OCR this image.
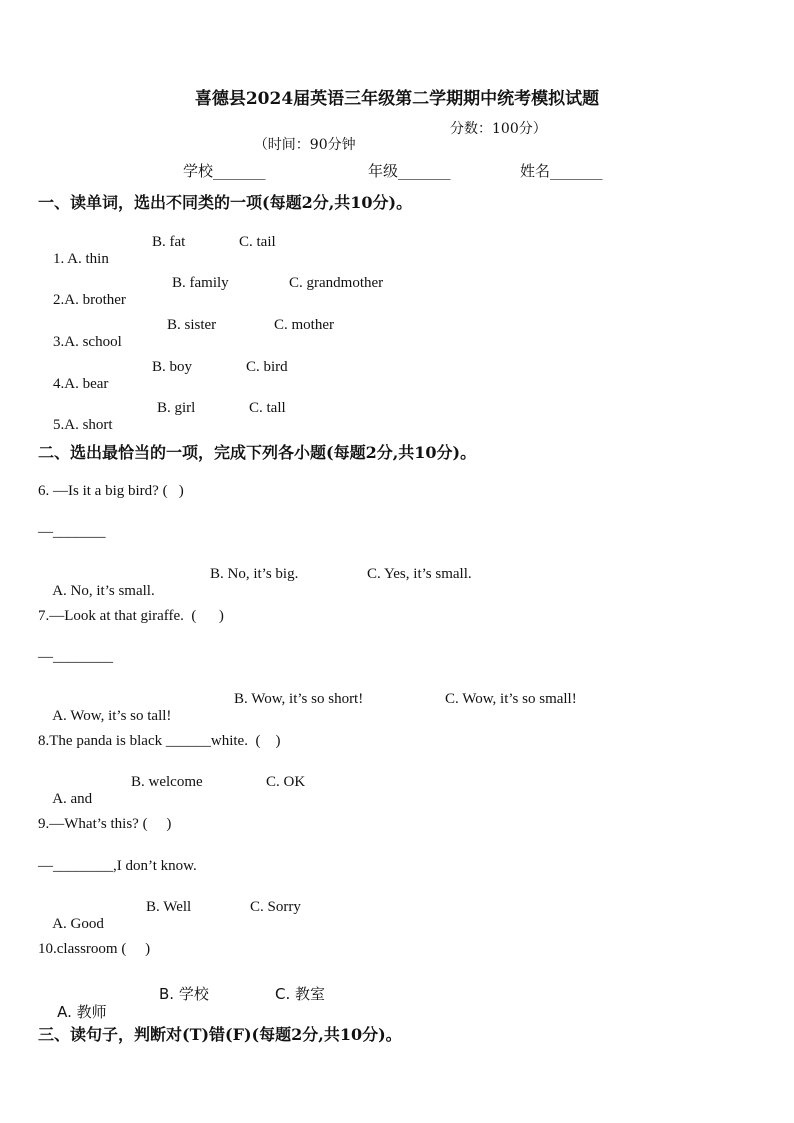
喜德县2024届英语三年级第二学期期中统考模拟试题

（时间：90分钟

分数：100分）

学校_______	年级_______	姓名_______
一、读单词，选出不同类的一项(每题2分,共10分)。

1. A. thin

B. fat

	C. tail

2.A. brother

B. family

	C. grandmother

3.A. school

B. sister

	C. mother

4.A. bear

B. boy

	C. bird

5.A. short

B. girl

	C. tall

二、选出最恰当的一项，完成下列各小题(每题2分,共10分)。
6. —Is it a big bird? (   )
—_______

A. No, it’s small.

B. No, it’s big.

	C. Yes, it’s small.

7.—Look at that giraffe.  (      )
—________

A. Wow, it’s so tall!

B. Wow, it’s so short!

	C. Wow, it’s so small!

8.The panda is black ______white.  (    )

A. and

B. welcome

	C. OK

9.—What’s this? (     )
—________,I don’t know.

A. Good

B. Well

	C. Sorry

10.classroom (     )

A. 教师

B. 学校

	C. 教室

三、读句子，判断对(T)错(F)(每题2分,共10分)。
